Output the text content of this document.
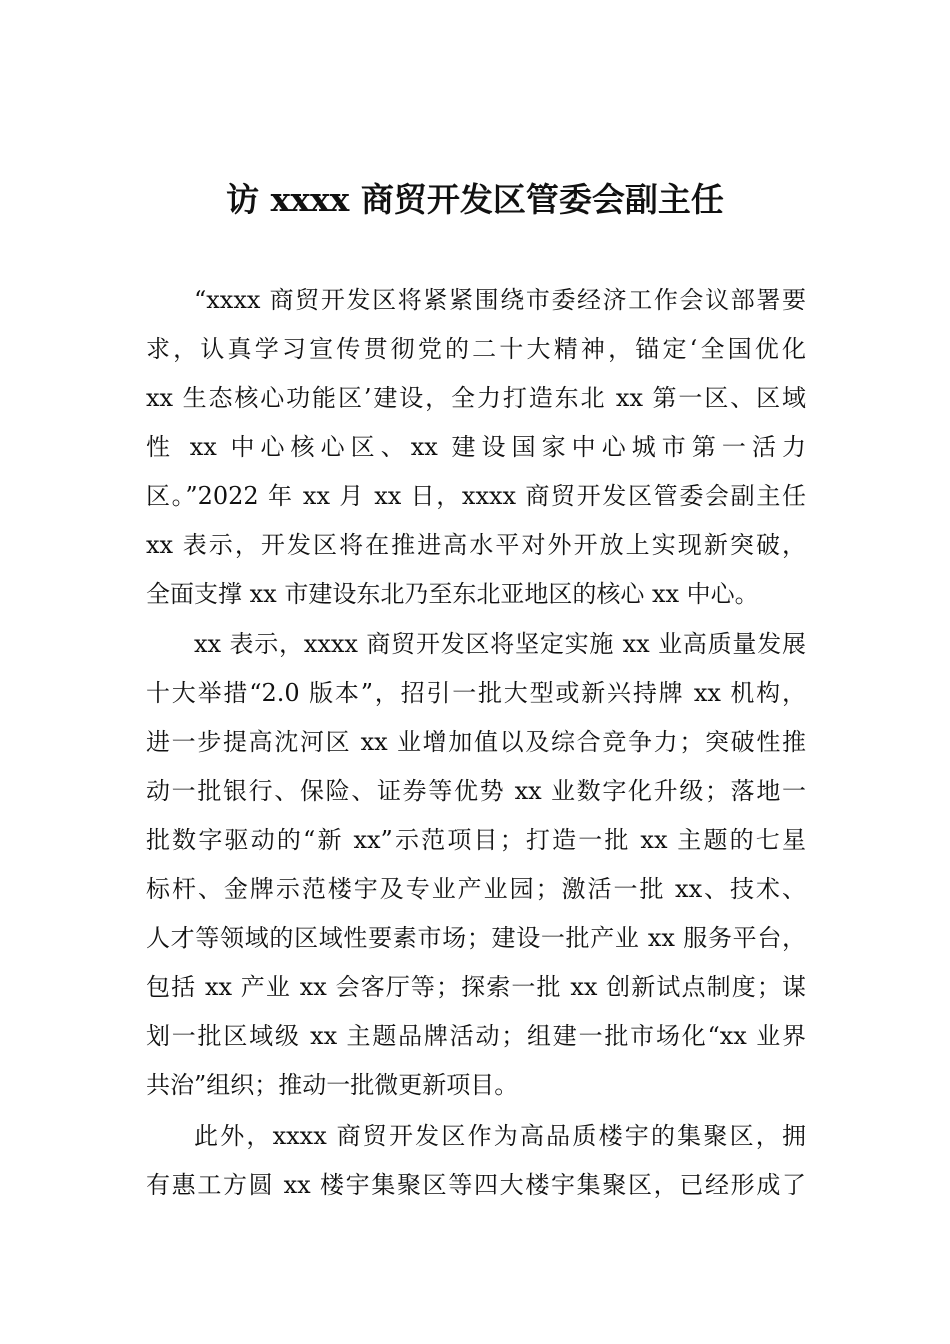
访 xxxx 商贸开发区管委会副主任
“xxxx 商贸开发区将紧紧围绕市委经济工作会议部署要
求，认真学习宣传贯彻党的二十大精神，锚定‘全国优化
xx 生态核心功能区’建设，全力打造东北 xx 第一区、区域
性 xx 中心核心区、xx 建设国家中心城市第一活力
区。”2022 年 xx 月 xx 日，xxxx 商贸开发区管委会副主任
xx 表示，开发区将在推进高水平对外开放上实现新突破，
全面支撑 xx 市建设东北乃至东北亚地区的核心 xx 中心。
xx 表示，xxxx 商贸开发区将坚定实施 xx 业高质量发展
十大举措“2.0 版本”，招引一批大型或新兴持牌 xx 机构，
进一步提高沈河区 xx 业增加值以及综合竞争力；突破性推
动一批银行、保险、证券等优势 xx 业数字化升级；落地一
批数字驱动的“新 xx”示范项目；打造一批 xx 主题的七星
标杆、金牌示范楼宇及专业产业园；激活一批 xx、技术、
人才等领域的区域性要素市场；建设一批产业 xx 服务平台，
包括 xx 产业 xx 会客厅等；探索一批 xx 创新试点制度；谋
划一批区域级 xx 主题品牌活动；组建一批市场化“xx 业界
共治”组织；推动一批微更新项目。
此外，xxxx 商贸开发区作为高品质楼宇的集聚区，拥
有惠工方圆 xx 楼宇集聚区等四大楼宇集聚区，已经形成了
